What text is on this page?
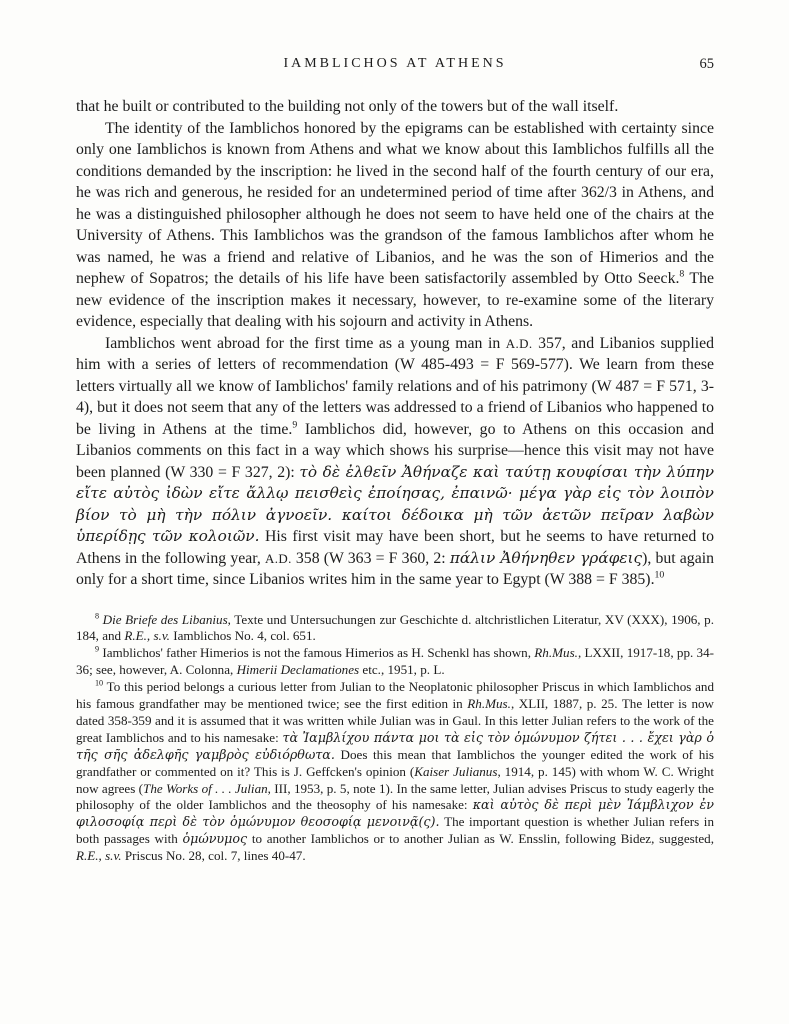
IAMBLICHOS AT ATHENS	65

that he built or contributed to the building not only of the towers but of the wall itself.

The identity of the Iamblichos honored by the epigrams can be established with certainty since only one Iamblichos is known from Athens and what we know about this Iamblichos fulfills all the conditions demanded by the inscription: he lived in the second half of the fourth century of our era, he was rich and generous, he resided for an undetermined period of time after 362/3 in Athens, and he was a distinguished philosopher although he does not seem to have held one of the chairs at the University of Athens. This Iamblichos was the grandson of the famous Iamblichos after whom he was named, he was a friend and relative of Libanios, and he was the son of Himerios and the nephew of Sopatros; the details of his life have been satisfactorily assembled by Otto Seeck.$^8$ The new evidence of the inscription makes it necessary, however, to re-examine some of the literary evidence, especially that dealing with his sojourn and activity in Athens.

Iamblichos went abroad for the first time as a young man in A.D. 357, and Libanios supplied him with a series of letters of recommendation (W 485-493 = F 569-577). We learn from these letters virtually all we know of Iamblichos' family relations and of his patrimony (W 487 = F 571, 3-4), but it does not seem that any of the letters was addressed to a friend of Libanios who happened to be living in Athens at the time.$^9$ Iamblichos did, however, go to Athens on this occasion and Libanios comments on this fact in a way which shows his surprise—hence this visit may not have been planned (W 330 = F 327, 2): τὸ δὲ ἐλθεῖν Ἀθήναζε καὶ ταύτῃ κουφίσαι τὴν λύπην εἴτε αὐτὸς ἰδὼν εἴτε ἄλλῳ πεισθεὶς ἐποίησας, ἐπαινῶ· μέγα γὰρ εἰς τὸν λοιπὸν βίον τὸ μὴ τὴν πόλιν ἀγνοεῖν. καίτοι δέδοικα μὴ τῶν ἀετῶν πεῖραν λαβὼν ὑπερίδῃς τῶν κολοιῶν. His first visit may have been short, but he seems to have returned to Athens in the following year, A.D. 358 (W 363 = F 360, 2: πάλιν Ἀθήνηθεν γράφεις), but again only for a short time, since Libanios writes him in the same year to Egypt (W 388 = F 385).$^{10}$

$^8$ Die Briefe des Libanius, Texte und Untersuchungen zur Geschichte d. altchristlichen Literatur, XV (XXX), 1906, p. 184, and R.E., s.v. Iamblichos No. 4, col. 651.

$^9$ Iamblichos' father Himerios is not the famous Himerios as H. Schenkl has shown, Rh.Mus., LXXII, 1917-18, pp. 34-36; see, however, A. Colonna, Himerii Declamationes etc., 1951, p. L.

$^{10}$ To this period belongs a curious letter from Julian to the Neoplatonic philosopher Priscus in which Iamblichos and his famous grandfather may be mentioned twice; see the first edition in Rh.Mus., XLII, 1887, p. 25. The letter is now dated 358-359 and it is assumed that it was written while Julian was in Gaul. In this letter Julian refers to the work of the great Iamblichos and to his namesake: τὰ Ἰαμβλίχου πάντα μοι τὰ εἰς τὸν ὁμώνυμον ζήτει . . . ἔχει γὰρ ὁ τῆς σῆς ἀδελφῆς γαμβρὸς εὐδιόρθωτα. Does this mean that Iamblichos the younger edited the work of his grandfather or commented on it? This is J. Geffcken's opinion (Kaiser Julianus, 1914, p. 145) with whom W. C. Wright now agrees (The Works of . . . Julian, III, 1953, p. 5, note 1). In the same letter, Julian advises Priscus to study eagerly the philosophy of the older Iamblichos and the theosophy of his namesake: καὶ αὐτὸς δὲ περὶ μὲν Ἰάμβλιχον ἐν φιλοσοφίᾳ περὶ δὲ τὸν ὁμώνυμον θεοσοφίᾳ μενοινᾷ(ς). The important question is whether Julian refers in both passages with ὁμώνυμος to another Iamblichos or to another Julian as W. Ensslin, following Bidez, suggested, R.E., s.v. Priscus No. 28, col. 7, lines 40-47.
